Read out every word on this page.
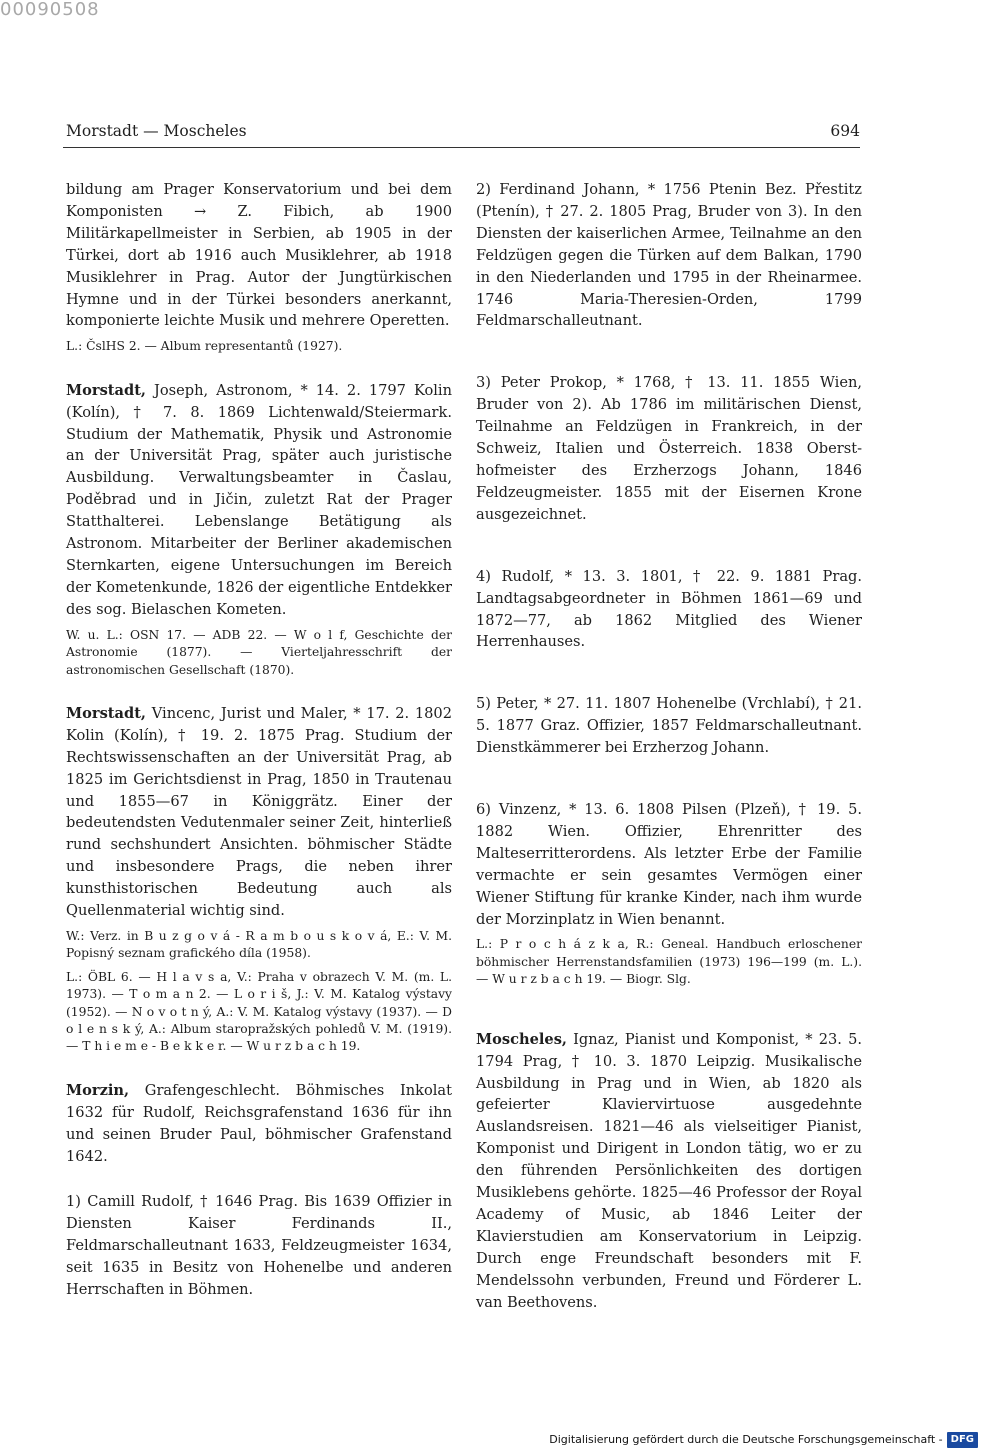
00090508
Morstadt — Moscheles	694

bildung am Prager Konservatorium und bei dem Komponisten → Z. Fibich, ab 1900 Militärkapellmeister in Serbien, ab 1905 in der Türkei, dort ab 1916 auch Musiklehrer, ab 1918 Musiklehrer in Prag. Autor der Jungtürkischen Hymne und in der Türkei besonders anerkannt, komponierte leichte Musik und mehrere Operetten.

L.: ČslHS 2. — Album representantů (1927).

Morstadt, Joseph, Astronom, * 14. 2. 1797 Kolin (Kolín), † 7. 8. 1869 Lichtenwald/Steiermark. Studium der Mathematik, Physik und Astronomie an der Universität Prag, später auch juristische Ausbildung. Verwaltungsbeamter in Časlau, Poděbrad und in Jičin, zuletzt Rat der Prager Statthalterei. Lebenslange Betätigung als Astronom. Mitarbeiter der Berliner akademischen Sternkarten, eigene Untersuchungen im Bereich der Kometenkunde, 1826 der eigentliche Entdekker des sog. Bielaschen Kometen.

W. u. L.: OSN 17. — ADB 22. — W o l f, Geschichte der Astronomie (1877). — Vierteljahresschrift der astronomischen Gesellschaft (1870).

Morstadt, Vincenc, Jurist und Maler, * 17. 2. 1802 Kolin (Kolín), † 19. 2. 1875 Prag. Studium der Rechtswissenschaften an der Universität Prag, ab 1825 im Gerichtsdienst in Prag, 1850 in Trautenau und 1855—67 in Königgrätz. Einer der bedeutendsten Vedutenmaler seiner Zeit, hinterließ rund sechshundert Ansichten. böhmischer Städte und insbesondere Prags, die neben ihrer kunsthistorischen Bedeutung auch als Quellenmaterial wichtig sind.

W.: Verz. in B u z g o v á - R a m b o u s k o v á, E.: V. M. Popisný seznam grafického díla (1958).

L.: ÖBL 6. — H l a v s a, V.: Praha v obrazech V. M. (m. L. 1973). — T o m a n 2. — L o r i š, J.: V. M. Katalog výstavy (1952). — N o v o t n ý, A.: V. M. Katalog výstavy (1937). — D o l e n s k ý, A.: Album staropražských pohledů V. M. (1919). — T h i e m e - B e k k e r. — W u r z b a c h 19.

Morzin, Grafengeschlecht. Böhmisches Inkolat 1632 für Rudolf, Reichsgrafenstand 1636 für ihn und seinen Bruder Paul, böhmischer Grafenstand 1642.

1) Camill Rudolf, † 1646 Prag. Bis 1639 Offizier in Diensten Kaiser Ferdinands II., Feldmarschalleutnant 1633, Feldzeugmeister 1634, seit 1635 in Besitz von Hohenelbe und anderen Herrschaften in Böhmen.

2) Ferdinand Johann, * 1756 Ptenin Bez. Přestitz (Ptenín), † 27. 2. 1805 Prag, Bruder von 3). In den Diensten der kaiserlichen Armee, Teilnahme an den Feldzügen gegen die Türken auf dem Balkan, 1790 in den Niederlanden und 1795 in der Rheinarmee. 1746 Maria-Theresien-Orden, 1799 Feldmarschalleutnant.

3) Peter Prokop, * 1768, † 13. 11. 1855 Wien, Bruder von 2). Ab 1786 im militärischen Dienst, Teilnahme an Feldzügen in Frankreich, in der Schweiz, Italien und Österreich. 1838 Oberst-hofmeister des Erzherzogs Johann, 1846 Feldzeugmeister. 1855 mit der Eisernen Krone ausgezeichnet.

4) Rudolf, * 13. 3. 1801, † 22. 9. 1881 Prag. Landtagsabgeordneter in Böhmen 1861—69 und 1872—77, ab 1862 Mitglied des Wiener Herrenhauses.

5) Peter, * 27. 11. 1807 Hohenelbe (Vrchlabí), † 21. 5. 1877 Graz. Offizier, 1857 Feldmarschalleutnant. Dienstkämmerer bei Erzherzog Johann.

6) Vinzenz, * 13. 6. 1808 Pilsen (Plzeň), † 19. 5. 1882 Wien. Offizier, Ehrenritter des Malteserritterordens. Als letzter Erbe der Familie vermachte er sein gesamtes Vermögen einer Wiener Stiftung für kranke Kinder, nach ihm wurde der Morzinplatz in Wien benannt.

L.: P r o c h á z k a, R.: Geneal. Handbuch erloschener böhmischer Herrenstandsfamilien (1973) 196—199 (m. L.). — W u r z b a c h 19. — Biogr. Slg.

Moscheles, Ignaz, Pianist und Komponist, * 23. 5. 1794 Prag, † 10. 3. 1870 Leipzig. Musikalische Ausbildung in Prag und in Wien, ab 1820 als gefeierter Klaviervirtuose ausgedehnte Auslandsreisen. 1821—46 als vielseitiger Pianist, Komponist und Dirigent in London tätig, wo er zu den führenden Persönlichkeiten des dortigen Musiklebens gehörte. 1825—46 Professor der Royal Academy of Music, ab 1846 Leiter der Klavierstudien am Konservatorium in Leipzig. Durch enge Freundschaft besonders mit F. Mendelssohn verbunden, Freund und Förderer L. van Beethovens.

Digitalisierung gefördert durch die Deutsche Forschungsgemeinschaft - DFG
